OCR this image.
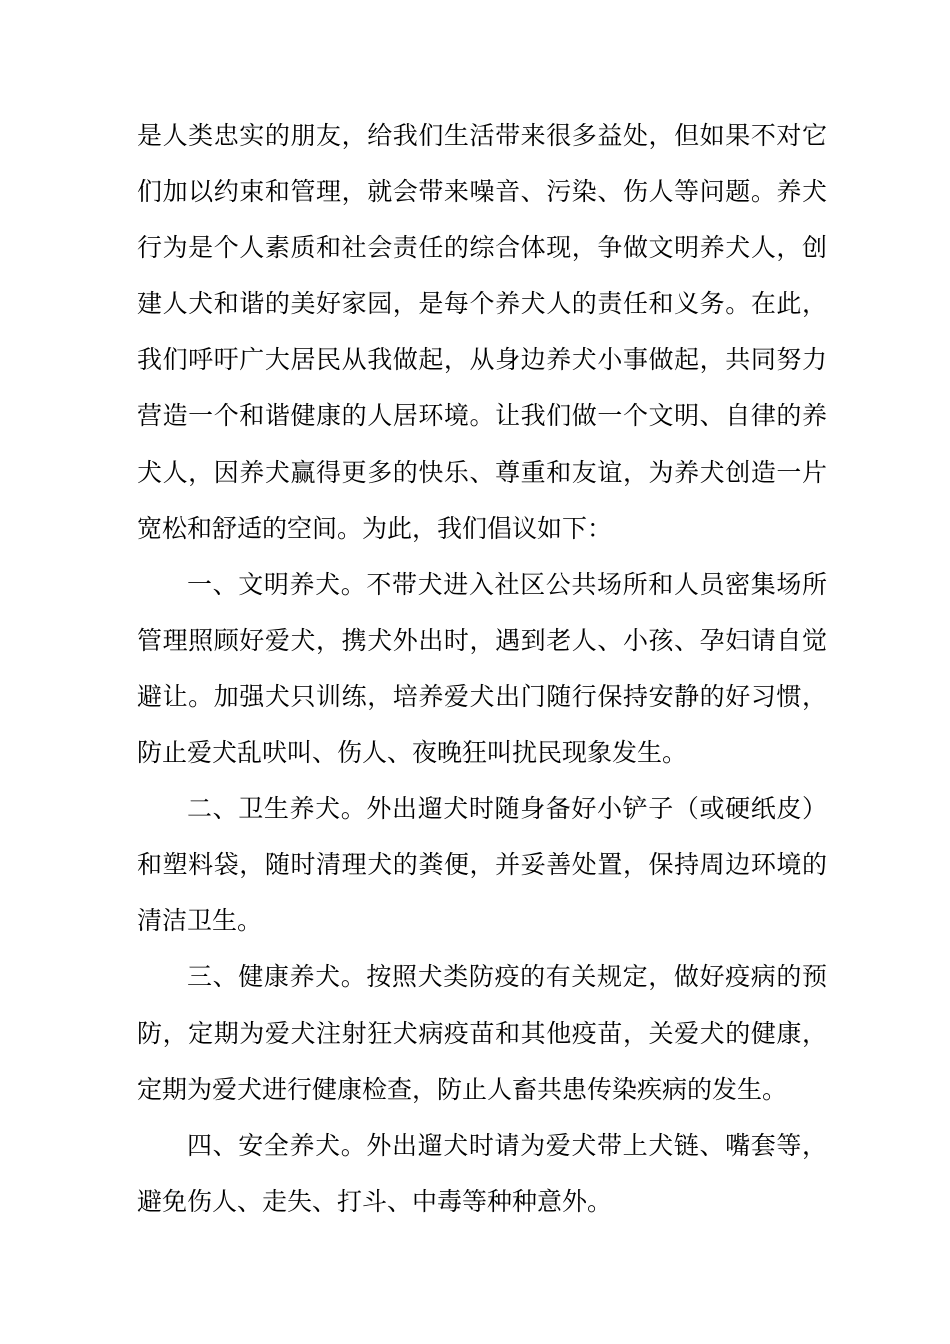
是人类忠实的朋友，给我们生活带来很多益处，但如果不对它们加以约束和管理，就会带来噪音、污染、伤人等问题。养犬行为是个人素质和社会责任的综合体现，争做文明养犬人，创建人犬和谐的美好家园，是每个养犬人的责任和义务。在此，我们呼吁广大居民从我做起，从身边养犬小事做起，共同努力营造一个和谐健康的人居环境。让我们做一个文明、自律的养犬人，因养犬赢得更多的快乐、尊重和友谊，为养犬创造一片宽松和舒适的空间。为此，我们倡议如下：

一、文明养犬。不带犬进入社区公共场所和人员密集场所管理照顾好爱犬，携犬外出时，遇到老人、小孩、孕妇请自觉避让。加强犬只训练，培养爱犬出门随行保持安静的好习惯，防止爱犬乱吠叫、伤人、夜晚狂叫扰民现象发生。

二、卫生养犬。外出遛犬时随身备好小铲子（或硬纸皮）和塑料袋，随时清理犬的粪便，并妥善处置，保持周边环境的清洁卫生。

三、健康养犬。按照犬类防疫的有关规定，做好疫病的预防，定期为爱犬注射狂犬病疫苗和其他疫苗，关爱犬的健康，定期为爱犬进行健康检查，防止人畜共患传染疾病的发生。

四、安全养犬。外出遛犬时请为爱犬带上犬链、嘴套等，避免伤人、走失、打斗、中毒等种种意外。
